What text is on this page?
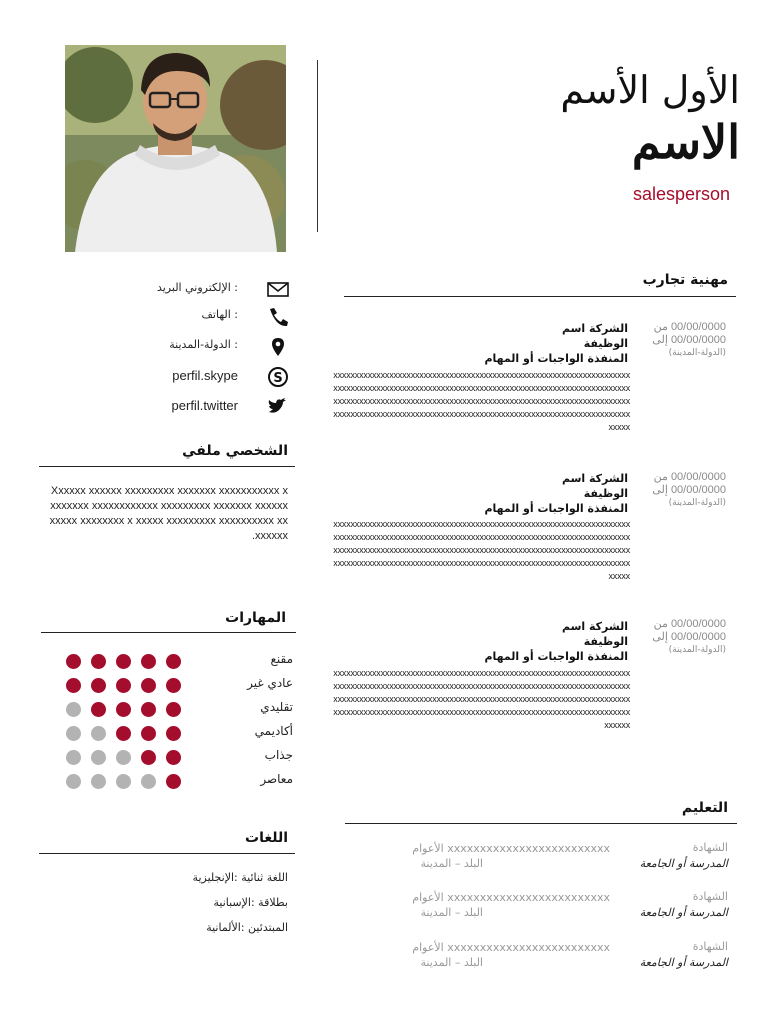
الأول الأسم
الاسم
salesperson
الإلكتروني البريد :
الهاتف :
الدولة-المدينة :
S
perfil.skype
perfil.twitter
الشخصي ملفي
Xxxxxx xxxxxx xxxxxxxxx xxxxxxx xxxxxxxxxxx xxxxxxxx xxxxxxxxxxxx xxxxxxxxx xxxxxxx xxxxxxxxxxx xxxxxxxx x xxxxx xxxxxxxxx xxxxxxxxxx xxxxxxxx.
المهارات
مقنع
عادي غير
تقليدي
أكاديمي
جذاب
معاصر
اللغات
اللغة ثنائية :الإنجليزية
بطلاقة :الإسبانية
المبتدئين :الألمانية
مهنية تجارب
00/00/0000 من
00/00/0000 إلى
(الدولة-المدينة)
الشركة اسم
الوظيفة
المنفذة الواجبات أو المهام
xxxxxxxxxxxxxxxxxxxxxxxxxxxxxxxxxxxxxxxxxxxxxxxxxxxxxxxxxxxxxxxxxxxxxxxxxxxxxxxxxxxxxxxxxxxxxxxxxxxxxxxxxxxxxxxxxxxxxxxxxxxxxxxxxxxxxxxxxxxxxxxxxxxxxxxxxxxxxxxxxxxxxxxxxxxxxxxxxxxxxxxxxxxxxxxxxxxxxxxxxxxxxxxxxxxxxxxxxxxxxxxxxxxxxxxxxxxxxxxxxxxxxxxxxxxxxxxxxxxxxxxxxxxxxxxxxxxxxxxxx
00/00/0000 من
00/00/0000 إلى
(الدولة-المدينة)
الشركة اسم
الوظيفة
المنفذة الواجبات أو المهام
xxxxxxxxxxxxxxxxxxxxxxxxxxxxxxxxxxxxxxxxxxxxxxxxxxxxxxxxxxxxxxxxxxxxxxxxxxxxxxxxxxxxxxxxxxxxxxxxxxxxxxxxxxxxxxxxxxxxxxxxxxxxxxxxxxxxxxxxxxxxxxxxxxxxxxxxxxxxxxxxxxxxxxxxxxxxxxxxxxxxxxxxxxxxxxxxxxxxxxxxxxxxxxxxxxxxxxxxxxxxxxxxxxxxxxxxxxxxxxxxxxxxxxxxxxxxxxxxxxxxxxxxxxxxxxxxxxxxxxxxx
00/00/0000 من
00/00/0000 إلى
(الدولة-المدينة)
الشركة اسم
الوظيفة
المنفذة الواجبات أو المهام
xxxxxxxxxxxxxxxxxxxxxxxxxxxxxxxxxxxxxxxxxxxxxxxxxxxxxxxxxxxxxxxxxxxxxxxxxxxxxxxxxxxxxxxxxxxxxxxxxxxxxxxxxxxxxxxxxxxxxxxxxxxxxxxxxxxxxxxxxxxxxxxxxxxxxxxxxxxxxxxxxxxxxxxxxxxxxxxxxxxxxxxxxxxxxxxxxxxxxxxxxxxxxxxxxxxxxxxxxxxxxxxxxxxxxxxxxxxxxxxxxxxxxxxxxxxxxxxxxxxxxxxxxxxxxxxxxxxxxxxxxx
التعليم
الشهادة
المدرسة أو الجامعة
xxxxxxxxxxxxxxxxxxxxxxxxx الأعوام
البلد – المدينة
الشهادة
المدرسة أو الجامعة
xxxxxxxxxxxxxxxxxxxxxxxxx الأعوام
البلد – المدينة
الشهادة
المدرسة أو الجامعة
xxxxxxxxxxxxxxxxxxxxxxxxx الأعوام
البلد – المدينة
